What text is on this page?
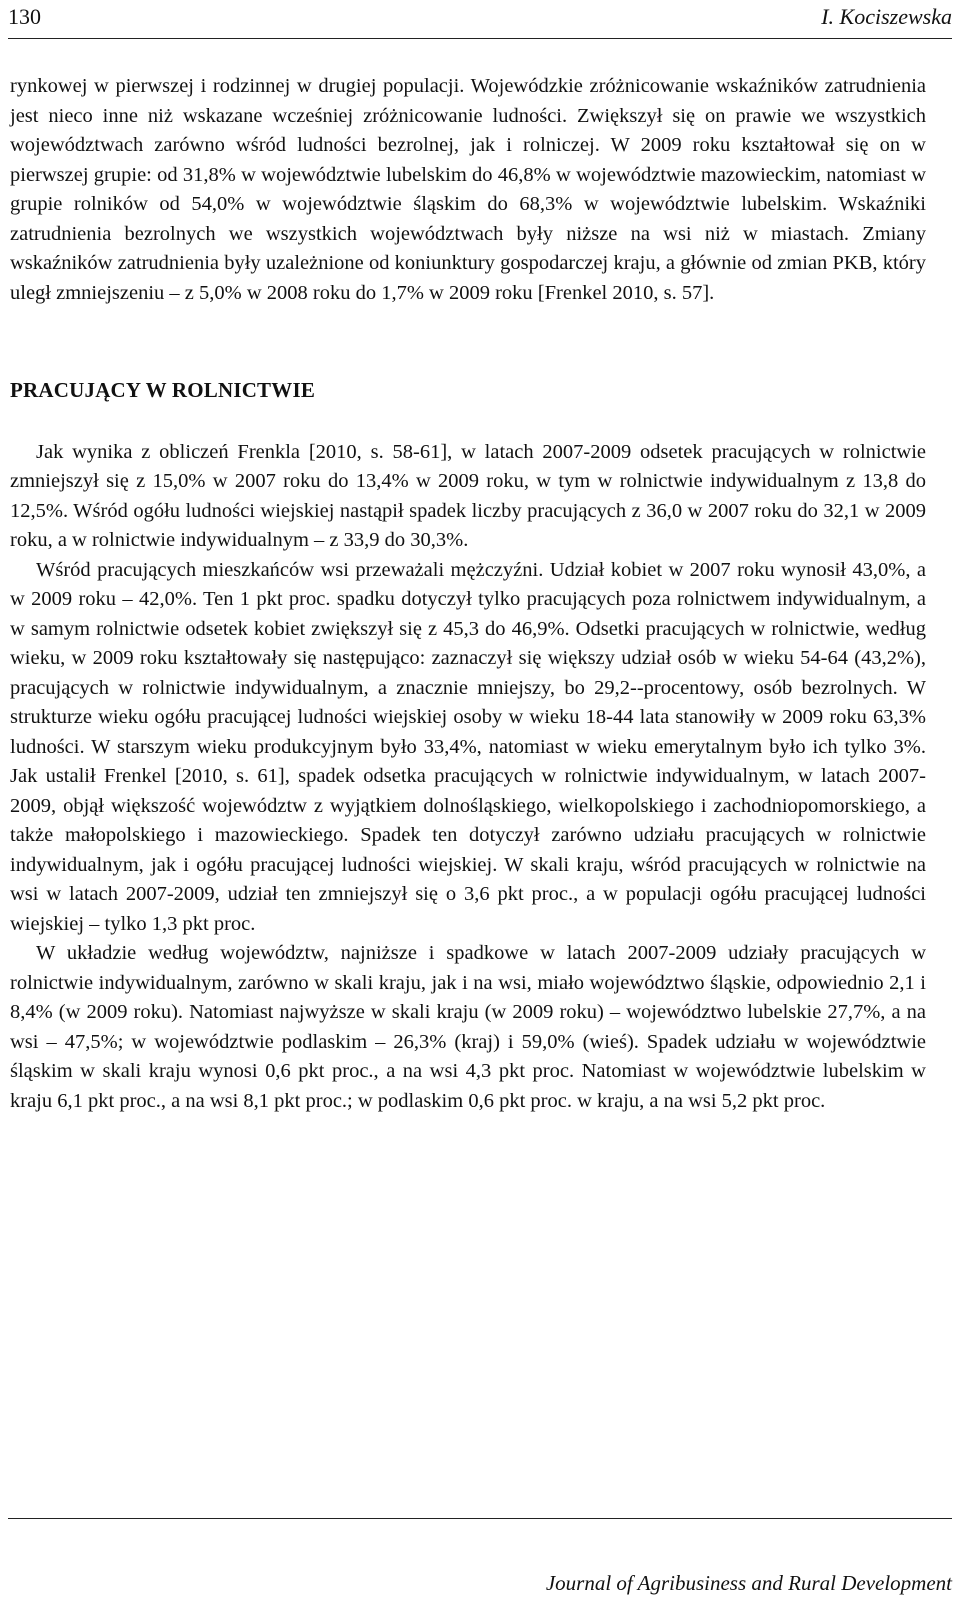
130	I. Kociszewska

rynkowej w pierwszej i rodzinnej w drugiej populacji. Wojewódzkie zróżnicowanie wskaźników zatrudnienia jest nieco inne niż wskazane wcześniej zróżnicowanie ludności. Zwiększył się on prawie we wszystkich województwach zarówno wśród ludności bezrolnej, jak i rolniczej. W 2009 roku kształtował się on w pierwszej grupie: od 31,8% w województwie lubelskim do 46,8% w województwie mazowieckim, natomiast w grupie rolników od 54,0% w województwie śląskim do 68,3% w województwie lubelskim. Wskaźniki zatrudnienia bezrolnych we wszystkich województwach były niższe na wsi niż w miastach. Zmiany wskaźników zatrudnienia były uzależnione od koniunktury gospodarczej kraju, a głównie od zmian PKB, który uległ zmniejszeniu – z 5,0% w 2008 roku do 1,7% w 2009 roku [Frenkel 2010, s. 57].

PRACUJĄCY W ROLNICTWIE

Jak wynika z obliczeń Frenkla [2010, s. 58-61], w latach 2007-2009 odsetek pracujących w rolnictwie zmniejszył się z 15,0% w 2007 roku do 13,4% w 2009 roku, w tym w rolnictwie indywidualnym z 13,8 do 12,5%. Wśród ogółu ludności wiejskiej nastąpił spadek liczby pracujących z 36,0 w 2007 roku do 32,1 w 2009 roku, a w rolnictwie indywidualnym – z 33,9 do 30,3%.

Wśród pracujących mieszkańców wsi przeważali mężczyźni. Udział kobiet w 2007 roku wynosił 43,0%, a w 2009 roku – 42,0%. Ten 1 pkt proc. spadku dotyczył tylko pracujących poza rolnictwem indywidualnym, a w samym rolnictwie odsetek kobiet zwiększył się z 45,3 do 46,9%. Odsetki pracujących w rolnictwie, według wieku, w 2009 roku kształtowały się następująco: zaznaczył się większy udział osób w wieku 54-64 (43,2%), pracujących w rolnictwie indywidualnym, a znacznie mniejszy, bo 29,2--procentowy, osób bezrolnych. W strukturze wieku ogółu pracującej ludności wiejskiej osoby w wieku 18-44 lata stanowiły w 2009 roku 63,3% ludności. W starszym wieku produkcyjnym było 33,4%, natomiast w wieku emerytalnym było ich tylko 3%. Jak ustalił Frenkel [2010, s. 61], spadek odsetka pracujących w rolnictwie indywidualnym, w latach 2007-2009, objął większość województw z wyjątkiem dolnośląskiego, wielkopolskiego i zachodniopomorskiego, a także małopolskiego i mazowieckiego. Spadek ten dotyczył zarówno udziału pracujących w rolnictwie indywidualnym, jak i ogółu pracującej ludności wiejskiej. W skali kraju, wśród pracujących w rolnictwie na wsi w latach 2007-2009, udział ten zmniejszył się o 3,6 pkt proc., a w populacji ogółu pracującej ludności wiejskiej – tylko 1,3 pkt proc.

W układzie według województw, najniższe i spadkowe w latach 2007-2009 udziały pracujących w rolnictwie indywidualnym, zarówno w skali kraju, jak i na wsi, miało województwo śląskie, odpowiednio 2,1 i 8,4% (w 2009 roku). Natomiast najwyższe w skali kraju (w 2009 roku) – województwo lubelskie 27,7%, a na wsi – 47,5%; w województwie podlaskim – 26,3% (kraj) i 59,0% (wieś). Spadek udziału w województwie śląskim w skali kraju wynosi 0,6 pkt proc., a na wsi 4,3 pkt proc. Natomiast w województwie lubelskim w kraju 6,1 pkt proc., a na wsi 8,1 pkt proc.; w podlaskim 0,6 pkt proc. w kraju, a na wsi 5,2 pkt proc.

Journal of Agribusiness and Rural Development
